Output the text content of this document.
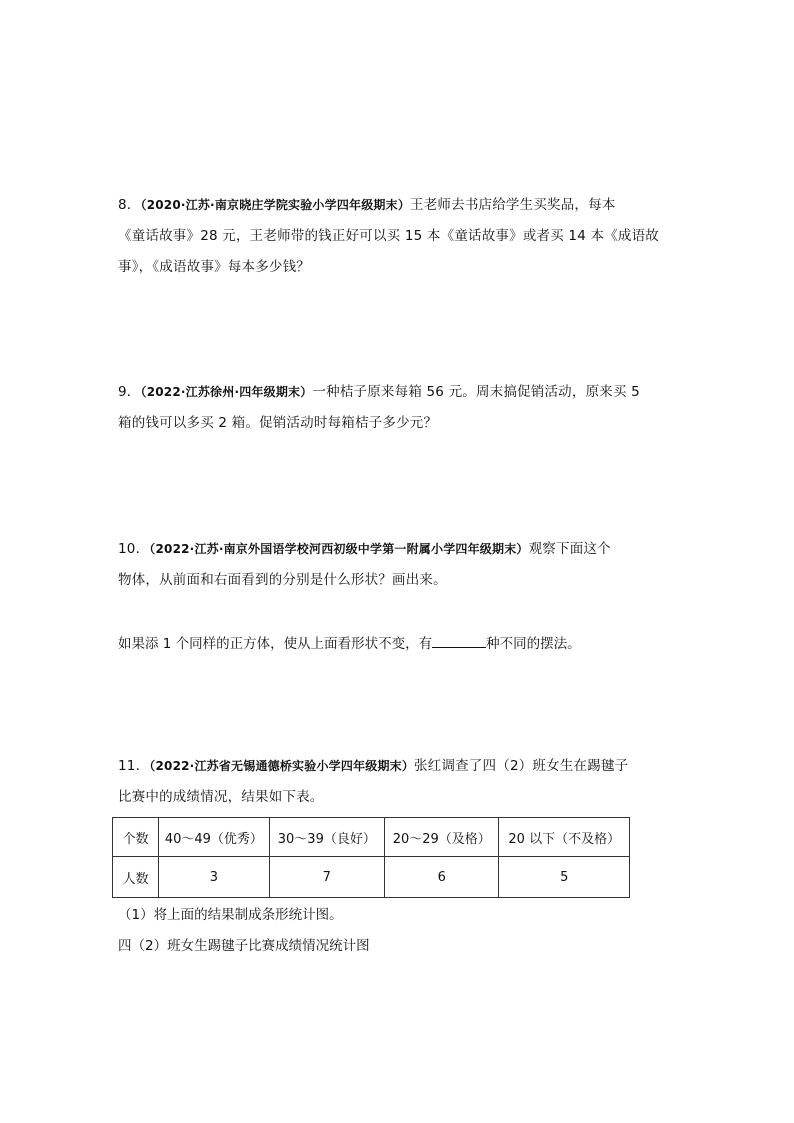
8．（2020·江苏·南京晓庄学院实验小学四年级期末）王老师去书店给学生买奖品，每本

《童话故事》28 元，王老师带的钱正好可以买 15 本《童话故事》或者买 14 本《成语故

事》，《成语故事》每本多少钱？

9．（2022·江苏徐州·四年级期末）一种桔子原来每箱 56 元。周末搞促销活动，原来买 5

箱的钱可以多买 2 箱。促销活动时每箱桔子多少元？

10．（2022·江苏·南京外国语学校河西初级中学第一附属小学四年级期末）观察下面这个

物体，从前面和右面看到的分别是什么形状？画出来。

如果添 1 个同样的正方体，使从上面看形状不变，有	种不同的摆法。

11．（2022·江苏省无锡通德桥实验小学四年级期末）张红调查了四（2）班女生在踢毽子

比赛中的成绩情况，结果如下表。

个数	40～49（优秀）	30～39（良好）	20～29（及格）	20 以下（不及格）
人数	3	7	6	5
（1）将上面的结果制成条形统计图。
四（2）班女生踢毽子比赛成绩情况统计图
